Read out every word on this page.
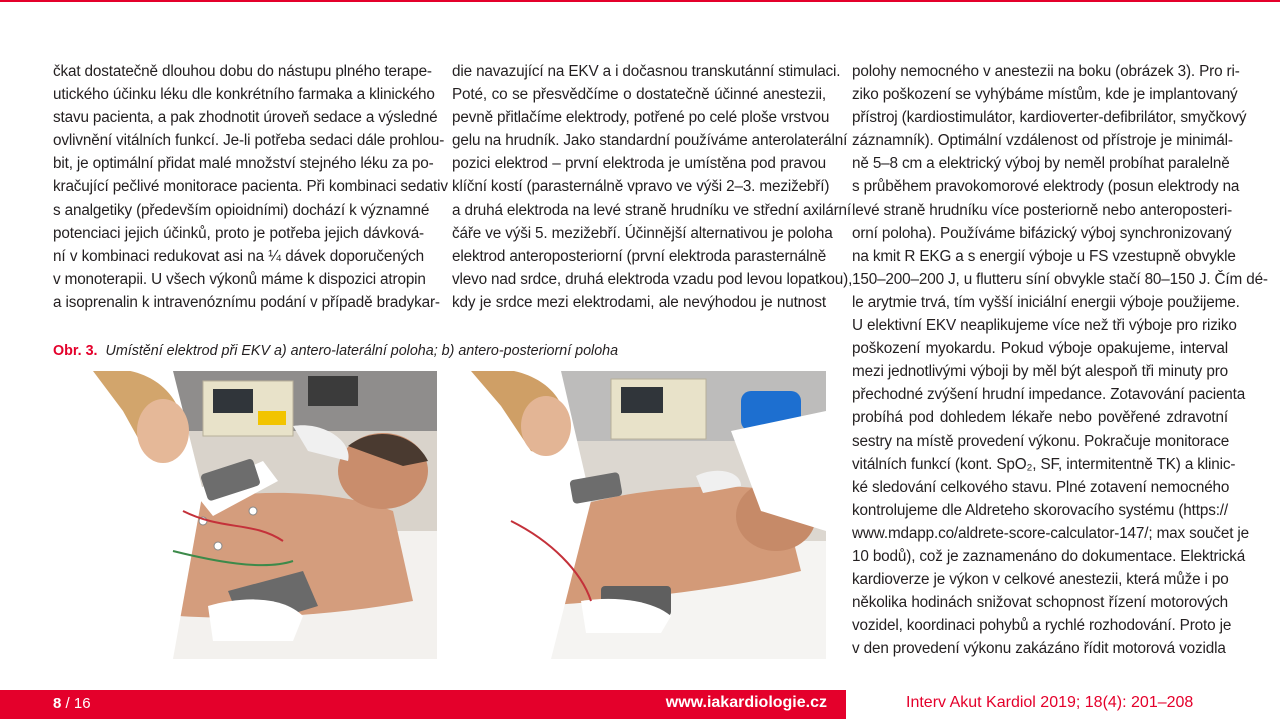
čkat dostatečně dlouhou dobu do nástupu plného terape-
utického účinku léku dle konkrétního farmaka a klinického
stavu pacienta, a pak zhodnotit úroveň sedace a výsledné
ovlivnění vitálních funkcí. Je-li potřeba sedaci dále prohlou-
bit, je optimální přidat malé množství stejného léku za po-
kračující pečlivé monitorace pacienta. Při kombinaci sedativ
s analgetiky (především opioidními) dochází k významné
potenciaci jejich účinků, proto je potřeba jejich dávková-
ní v kombinaci redukovat asi na ¼ dávek doporučených
v monoterapii. U všech výkonů máme k dispozici atropin
a isoprenalin k intravenóznímu podání v případě bradykar-
die navazující na EKV a i dočasnou transkutánní stimulaci.
Poté, co se přesvědčíme o dostatečně účinné anestezii,
pevně přitlačíme elektrody, potřené po celé ploše vrstvou
gelu na hrudník. Jako standardní používáme anterolaterální
pozici elektrod – první elektroda je umístěna pod pravou
klíční kostí (parasternálně vpravo ve výši 2–3. mezižebří)
a druhá elektroda na levé straně hrudníku ve střední axilární
čáře ve výši 5. mezižebří. Účinnější alternativou je poloha
elektrod anteroposteriorní (první elektroda parasternálně
vlevo nad srdce, druhá elektroda vzadu pod levou lopatkou),
kdy je srdce mezi elektrodami, ale nevýhodou je nutnost
polohy nemocného v anestezii na boku (obrázek 3). Pro ri-
ziko poškození se vyhýbáme místům, kde je implantovaný
přístroj (kardiostimulátor, kardioverter-defibrilátor, smyčkový
záznamník). Optimální vzdálenost od přístroje je minimál-
ně 5–8 cm a elektrický výboj by neměl probíhat paralelně
s průběhem pravokomorové elektrody (posun elektrody na
levé straně hrudníku více posteriorně nebo anteroposteri-
orní poloha). Používáme bifázický výboj synchronizovaný
na kmit R EKG a s energií výboje u FS vzestupně obvykle
150–200–200 J, u flutteru síní obvykle stačí 80–150 J. Čím dé-
le arytmie trvá, tím vyšší iniciální energii výboje použijeme.
U elektivní EKV neaplikujeme více než tři výboje pro riziko
poškození myokardu. Pokud výboje opakujeme, interval
mezi jednotlivými výboji by měl být alespoň tři minuty pro
přechodné zvýšení hrudní impedance. Zotavování pacienta
probíhá pod dohledem lékaře nebo pověřené zdravotní
sestry na místě provedení výkonu. Pokračuje monitorace
vitálních funkcí (kont. SpO₂, SF, intermitentně TK) a klinic-
ké sledování celkového stavu. Plné zotavení nemocného
kontrolujeme dle Aldreteho skorovacího systému (https://
www.mdapp.co/aldrete-score-calculator-147/; max součet je
10 bodů), což je zaznamenáno do dokumentace. Elektrická
kardioverze je výkon v celkové anestezii, která může i po
několika hodinách snižovat schopnost řízení motorových
vozidel, koordinaci pohybů a rychlé rozhodování. Proto je
v den provedení výkonu zakázáno řídit motorová vozidla
Obr. 3. Umístění elektrod při EKV a) antero-laterální poloha; b) antero-posteriorní poloha
a	b
8 / 16	www.iakardiologie.cz	Interv Akut Kardiol 2019; 18(4): 201–208
